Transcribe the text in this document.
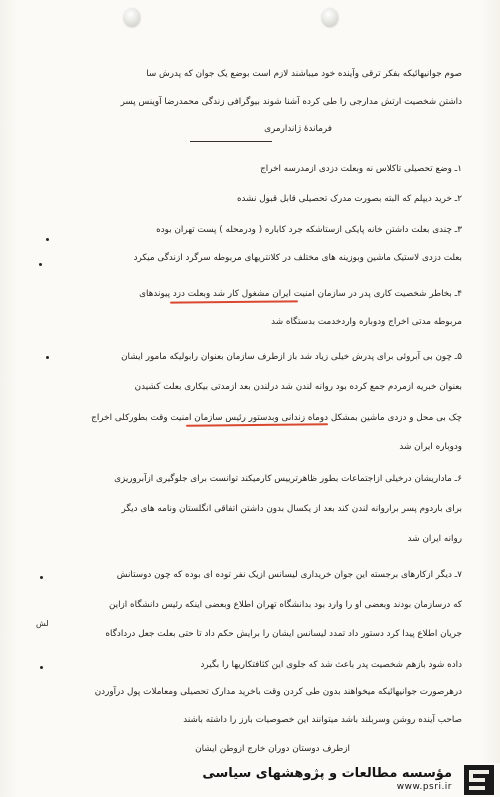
صوم جوانیهائیکه بفکر ترقی وآینده خود میباشند لازم است بوضع یک جوان که پدرش سا
داشتن شخصیت ارتش مدارجی را طی کرده آشنا شوند بیوگرافی زندگی محمدرضا آوینس پسر
فرماندهٔ ژاندارمری
۱ـ وضع تحصیلی تاکلاس نه وبعلت دزدی ازمدرسه اخراج
۲ـ خرید دیپلم که البته بصورت مدرک تحصیلی قابل قبول نشده
۳ـ چندی بعلت داشتن خانه پایکی ازستاشکه جرد کاباره ( ودرمحله ) پست تهران بوده
بعلت دزدی لاستیک ماشین وبوزینه های مختلف در کلانتریهای مربوطه سرگرد ازندگی میکرد
۴ـ بخاطر شخصیت کاری پدر در سازمان امنیت ایران مشغول کار شد وبعلت دزد پیوندهای
مربوطه مدتی اخراج ودوباره واردخدمت بدستگاه شد
۵ـ چون بی آبروئی برای پدرش خیلی زیاد شد باز ازطرف سازمان بعنوان رابولیکه مامور ایشان
بعنوان خبریه ازمردم جمع کرده بود روانه لندن شد درلندن بعد ازمدتی بیکاری بعلت کشیدن
چک بی محل و دزدی ماشین بمشکل دوماه زندانی وبدستور رئیس سازمان امنیت وقت بطورکلی اخراج
ودوباره ایران شد
۶ـ ماداریشان درخیلی ازاجتماعات بطور ظاهرترییس کارمیکند توانست برای جلوگیری ازآبروریزی
برای باردوم پسر براروانه لندن کند بعد از یکسال بدون داشتن اتفاقی انگلستان ونامه های دیگر
روانه ایران شد
۷ـ دیگر ازکارهای برجسته این جوان خریداری لیسانس ازیک نفر توده ای بوده که چون دوستانش
که درسازمان بودند وبعضی او را وارد بود بدانشگاه تهران اطلاع وبعضی اینکه رئیس دانشگاه ازاین
جریان اطلاع پیدا کرد دستور داد تمدد لیسانس ایشان را برایش حکم داد تا حتی بعلت جعل دردادگاه
داده شود بازهم شخصیت پدر باعث شد که جلوی این کثافتکاریها را بگیرد
درهرصورت جوانیهائیکه میخواهند بدون طی کردن وقت باخرید مدارک تحصیلی ومعاملات پول درآوردن
صاحب آینده روشن وسربلند باشد میتوانند این خصوصیات بارز را داشته باشند
ازطرف دوستان دوران خارج ازوطن ایشان
لش
مؤسسه مطالعات و پژوهشهای سیاسی
www.psri.ir
